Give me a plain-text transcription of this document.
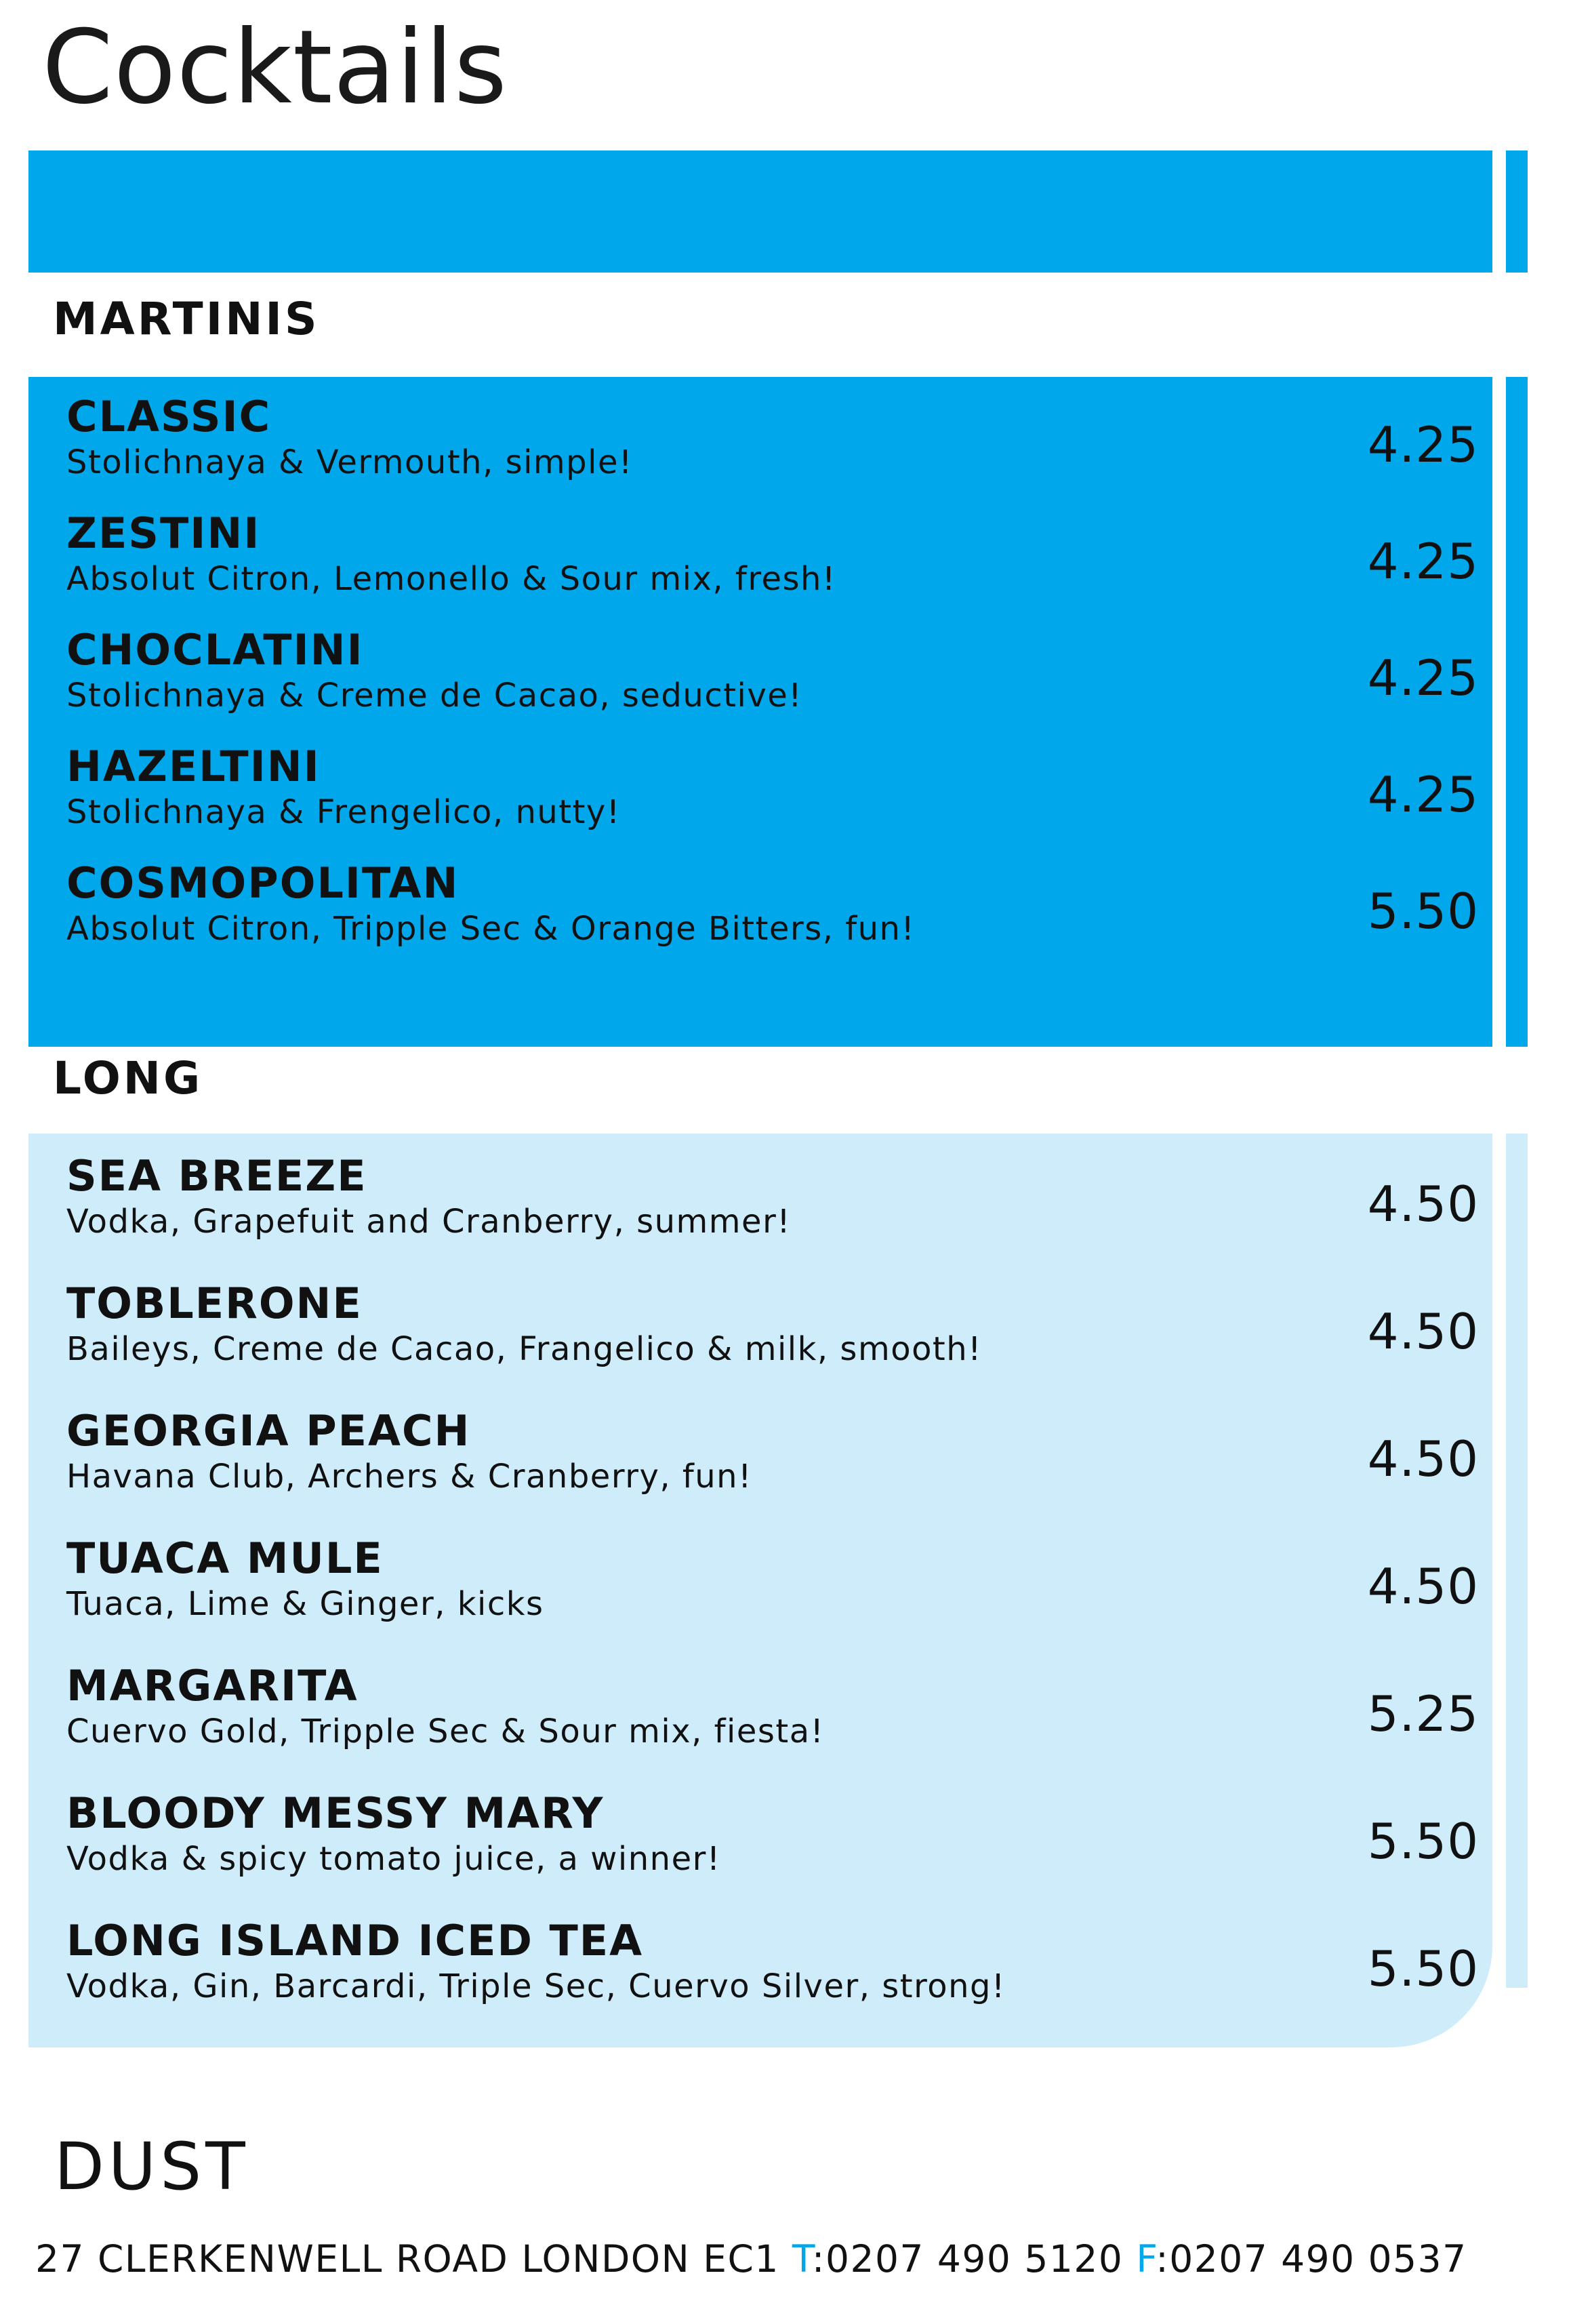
Cocktails
MARTINIS
CLASSIC
Stolichnaya & Vermouth, simple!	4.25
ZESTINI
Absolut Citron, Lemonello & Sour mix, fresh!	4.25
CHOCLATINI
Stolichnaya & Creme de Cacao, seductive!	4.25
HAZELTINI
Stolichnaya & Frengelico, nutty!	4.25
COSMOPOLITAN
Absolut Citron, Tripple Sec & Orange Bitters, fun!	5.50
LONG
SEA BREEZE
Vodka, Grapefuit and Cranberry, summer!	4.50
TOBLERONE
Baileys, Creme de Cacao, Frangelico & milk, smooth!	4.50
GEORGIA PEACH
Havana Club, Archers & Cranberry, fun!	4.50
TUACA MULE
Tuaca, Lime & Ginger, kicks	4.50
MARGARITA
Cuervo Gold, Tripple Sec & Sour mix, fiesta!	5.25
BLOODY MESSY MARY
Vodka & spicy tomato juice, a winner!	5.50
LONG ISLAND ICED TEA
Vodka, Gin, Barcardi, Triple Sec, Cuervo Silver, strong!	5.50
DUST
27 CLERKENWELL ROAD LONDON EC1 T:0207 490 5120 F:0207 490 0537
